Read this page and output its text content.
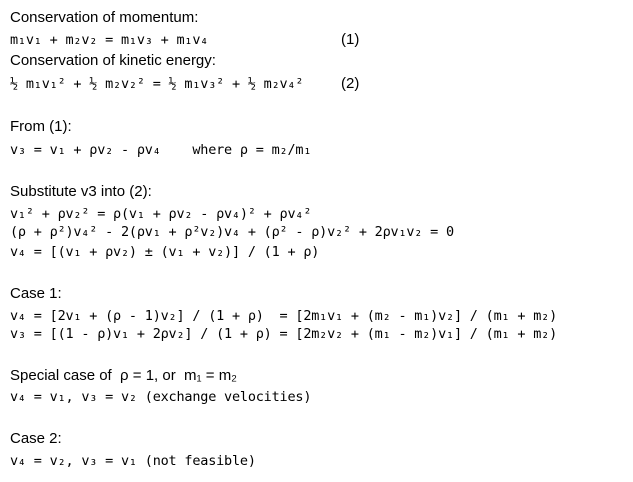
Conservation of momentum:
m₁v₁ + m₂v₂ = m₁v₃ + m₁v₄	(1)
Conservation of kinetic energy:
½ m₁v₁² + ½ m₂v₂² = ½ m₁v₃² + ½ m₂v₄²	(2)
From (1):
v₃ = v₁ + ρv₂ - ρv₄    where ρ = m₂/m₁
Substitute v3 into (2):
v₁² + ρv₂² = ρ(v₁ + ρv₂ - ρv₄)² + ρv₄²
(ρ + ρ²)v₄² - 2(ρv₁ + ρ²v₂)v₄ + (ρ² - ρ)v₂² + 2ρv₁v₂ = 0
v₄ = [(v₁ + ρv₂) ± (v₁ + v₂)] / (1 + ρ)
Case 1:
v₄ = [2v₁ + (ρ - 1)v₂] / (1 + ρ)  = [2m₁v₁ + (m₂ - m₁)v₂] / (m₁ + m₂)
v₃ = [(1 - ρ)v₁ + 2ρv₂] / (1 + ρ) = [2m₂v₂ + (m₁ - m₂)v₁] / (m₁ + m₂)
Special case of  ρ = 1, or  m₁ = m₂
v₄ = v₁, v₃ = v₂ (exchange velocities)
Case 2:
v₄ = v₂, v₃ = v₁ (not feasible)
